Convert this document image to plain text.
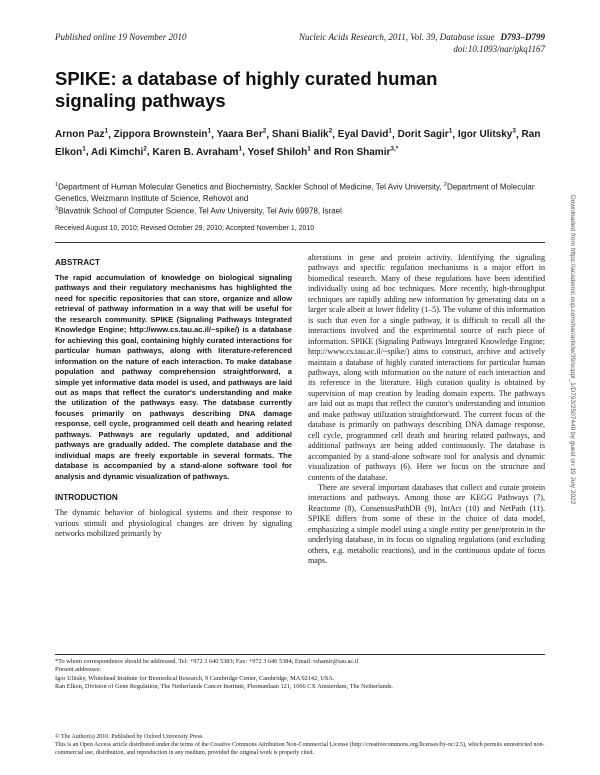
Published online 19 November 2010	Nucleic Acids Research, 2011, Vol. 39, Database issue D793–D799
doi:10.1093/nar/gkq1167
SPIKE: a database of highly curated human signaling pathways
Arnon Paz$^1$, Zippora Brownstein$^1$, Yaara Ber$^2$, Shani Bialik$^2$, Eyal David$^1$, Dorit Sagir$^1$, Igor Ulitsky$^3$, Ran Elkon$^1$, Adi Kimchi$^2$, Karen B. Avraham$^1$, Yosef Shiloh$^1$ and Ron Shamir$^{3,*}$
$^1$Department of Human Molecular Genetics and Biochemistry, Sackler School of Medicine, Tel Aviv University, $^2$Department of Molecular Genetics, Weizmann Institute of Science, Rehovot and
$^3$Blavatnik School of Computer Science, Tel Aviv University, Tel Aviv 69978, Israel
Received August 10, 2010; Revised October 29, 2010; Accepted November 1, 2010
ABSTRACT

The rapid accumulation of knowledge on biological signaling pathways and their regulatory mechanisms has highlighted the need for specific repositories that can store, organize and allow retrieval of pathway information in a way that will be useful for the research community. SPIKE (Signaling Pathways Integrated Knowledge Engine; http://www.cs.tau.ac.il/~spike/) is a database for achieving this goal, containing highly curated interactions for particular human pathways, along with literature-referenced information on the nature of each interaction. To make database population and pathway comprehension straightforward, a simple yet informative data model is used, and pathways are laid out as maps that reflect the curator's understanding and make the utilization of the pathways easy. The database currently focuses primarily on pathways describing DNA damage response, cell cycle, programmed cell death and hearing related pathways. Pathways are regularly updated, and additional pathways are gradually added. The complete database and the individual maps are freely exportable in several formats. The database is accompanied by a stand-alone software tool for analysis and dynamic visualization of pathways.

INTRODUCTION

The dynamic behavior of biological systems and their response to various stimuli and physiological changes are driven by signaling networks mobilized primarily by

alterations in gene and protein activity. Identifying the signaling pathways and specific regulation mechanisms is a major effort in biomedical research. Many of these regulations have been identified individually using ad hoc techniques. More recently, high-throughput techniques are rapidly adding new information by generating data on a larger scale albeit at lower fidelity (1–5). The volume of this information is such that even for a single pathway, it is difficult to recall all the interactions involved and the experimental source of each piece of information. SPIKE (Signaling Pathways Integrated Knowledge Engine; http://www.cs.tau.ac.il/~spike/) aims to construct, archive and actively maintain a database of highly curated interactions for particular human pathways, along with information on the nature of each interaction and its reference in the literature. High curation quality is obtained by supervision of map creation by leading domain experts. The pathways are laid out as maps that reflect the curator's understanding and intuition and make pathway utilization straightforward. The current focus of the database is primarily on pathways describing DNA damage response, cell cycle, programmed cell death and hearing related pathways, and additional pathways are being added continuously. The database is accompanied by a stand-alone software tool for analysis and dynamic visualization of pathways (6). Here we focus on the structure and contents of the database.

There are several important databases that collect and curate protein interactions and pathways. Among those are KEGG Pathways (7), Reactome (8), ConsensusPathDB (9), IntAct (10) and NetPath (11). SPIKE differs from some of these in the choice of data model, emphasizing a simple model using a single entity per gene/protein in the underlying database, in its focus on signaling regulations (and excluding others, e.g. metabolic reactions), and in the continuous update of focus maps.

*To whom correspondence should be addressed. Tel: +972 3 640 5383; Fax: +972 3 640 5384; Email: rshamir@tau.ac.il

Present addresses:

Igor Ulitsky, Whitehead Institute for Biomedical Research, 9 Cambridge Center, Cambridge, MA 02142, USA.

Ran Elkon, Division of Gene Regulation, The Netherlands Cancer Institute, Plesmanlaan 121, 1066 CX Amsterdam, The Netherlands.

© The Author(s) 2010. Published by Oxford University Press.

This is an Open Access article distributed under the terms of the Creative Commons Attribution Non-Commercial License (http://creativecommons.org/licenses/by-nc/2.5), which permits unrestricted non-commercial use, distribution, and reproduction in any medium, provided the original work is properly cited.

Downloaded from https://academic.oup.com/nar/article/39/suppl_1/D793/2507440 by guest on 19 July 2022
